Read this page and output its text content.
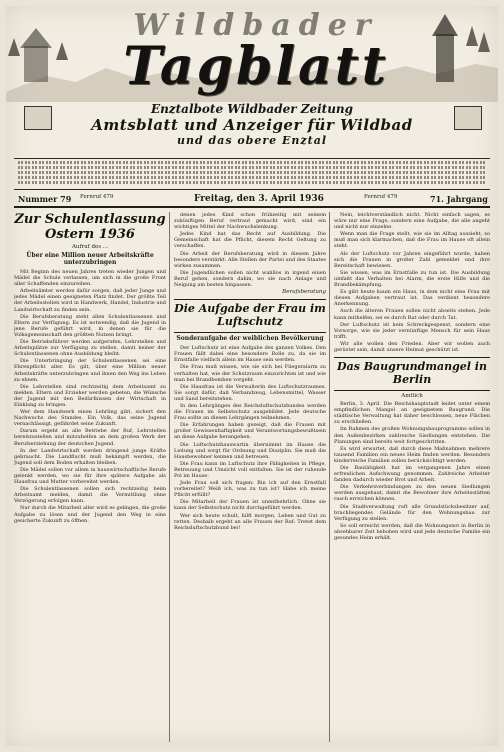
Wildbader
Tagblatt
Enztalbote Wildbader Zeitung
Amtsblatt und Anzeiger für Wildbad
und das obere Enztal
Nummer 79 Fernruf 479	Freitag, den 3. April 1936	Fernruf 479	71. Jahrgang
Zur Schulentlassung Ostern 1936
Aufruf des ...
Über eine Million neuer Arbeitskräfte unterzubringen

Mit Beginn des neuen Jahres treten wieder Jungen und Mädel die Schule verlassen, um sich in die große Front aller Schaffenden einzureihen.

Arbeitsämter werden dafür sorgen, daß jeder Junge und jedes Mädel einen geeigneten Platz findet. Der größte Teil der Arbeitsstellen wird in Handwerk, Handel, Industrie und Landwirtschaft zu finden sein.

Die Berufsberatung steht allen Schulentlassenen und Eltern zur Verfügung. Es ist notwendig, daß die Jugend in jene Berufe geführt wird, in denen sie für die Volksgemeinschaft den größten Nutzen bringt.

Die Betriebsführer werden aufgerufen, Lehrstellen und Arbeitsplätze zur Verfügung zu stellen, damit keiner der Schulentlassenen ohne Ausbildung bleibt.

Die Unterbringung der Schulentlassenen sei eine Ehrenpflicht aller. Es gilt, über eine Million neuer Arbeitskräfte unterzubringen und ihnen den Weg ins Leben zu ebnen.

Die Lehrstellen sind rechtzeitig dem Arbeitsamt zu melden. Eltern und Erzieher werden gebeten, die Wünsche der Jugend mit den Bedürfnissen der Wirtschaft in Einklang zu bringen.

Wer dem Handwerk einen Lehrling gibt, sichert den Nachwuchs des Standes. Ein Volk, das seine Jugend vernachlässigt, gefährdet seine Zukunft.

Darum ergeht an alle Betriebe der Ruf, Lehrstellen bereitzustellen und mitzuhelfen an dem großen Werk der Berufserziehung der deutschen Jugend.

In der Landwirtschaft werden dringend junge Kräfte gebraucht. Die Landflucht muß bekämpft werden, die Jugend soll dem Boden erhalten bleiben.

Die Mädel sollen vor allem in hauswirtschaftliche Berufe gelenkt werden, wo sie für ihre spätere Aufgabe als Hausfrau und Mutter vorbereitet werden.

Die Schulentlassenen sollen sich rechtzeitig beim Arbeitsamt melden, damit die Vermittlung ohne Verzögerung erfolgen kann.

Nur durch die Mitarbeit aller wird es gelingen, die große Aufgabe zu lösen und der Jugend den Weg in eine gesicherte Zukunft zu öffnen.

denen jedes Kind schon frühzeitig mit seinem zukünftigen Beruf vertraut gemacht wird, sind ein wichtiges Mittel der Nachwuchslenkung.

Jedes Kind hat das Recht auf Ausbildung. Die Gemeinschaft hat die Pflicht, diesem Recht Geltung zu verschaffen.

Die Arbeit der Berufsberatung wird in diesem Jahre besonders verstärkt. Alle Stellen der Partei und des Staates wirken zusammen.

Die Jugendlichen sollen nicht wahllos in irgend einen Beruf gehen, sondern dahin, wo sie nach Anlage und Neigung am besten hinpassen.

Berufsberatung
Die Aufgabe der Frau im Luftschutz
Sonderaufgabe der weiblichen Bevölkerung

Der Luftschutz ist eine Aufgabe des ganzen Volkes. Den Frauen fällt dabei eine besondere Rolle zu, da sie im Ernstfalle vielfach allein im Hause sein werden.

Die Frau muß wissen, wie sie sich bei Fliegeralarm zu verhalten hat, wie der Schutzraum einzurichten ist und wie man bei Brandbomben vorgeht.

Die Hausfrau ist die Verwalterin des Luftschutzraumes. Sie sorgt dafür, daß Verbandzeug, Lebensmittel, Wasser und Sand bereitstehen.

In den Lehrgängen des Reichsluftschutzbundes werden die Frauen im Selbstschutz ausgebildet. Jede deutsche Frau sollte an diesen Lehrgängen teilnehmen.

Die Erfahrungen haben gezeigt, daß die Frauen mit großer Gewissenhaftigkeit und Verantwortungsbewußtsein an diese Aufgabe herangehen.

Die Luftschutzhauswartin übernimmt im Hause die Leitung und sorgt für Ordnung und Disziplin. Sie muß die Hausbewohner kennen und betreuen.

Die Frau kann im Luftschutz ihre Fähigkeiten in Pflege, Betreuung und Umsicht voll entfalten. Sie ist der ruhende Pol im Hause.

Jede Frau soll sich fragen: Bin ich auf den Ernstfall vorbereitet? Weiß ich, was zu tun ist? Habe ich meine Pflicht erfüllt?

Die Mitarbeit der Frauen ist unentbehrlich. Ohne sie kann der Selbstschutz nicht durchgeführt werden.

Wer sich heute schult, hilft morgen, Leben und Gut zu retten. Deshalb ergeht an alle Frauen der Ruf: Tretet dem Reichsluftschutzbund bei!

Nein, leichtverständlich nicht. Nicht einfach sagen, es wäre nur eine Frage, sondern eine Aufgabe, die alle angeht und nicht nur einzelne.

Wenn man die Frage stellt, wie sie im Alltag aussieht, so muß man sich klarmachen, daß die Frau im Hause oft allein steht.

Als der Luftschutz vor Jahren eingeführt wurde, haben sich die Frauen in großer Zahl gemeldet und ihre Bereitschaft bewiesen.

Sie wissen, was im Ernstfalle zu tun ist. Die Ausbildung umfaßt das Verhalten bei Alarm, die erste Hilfe und die Brandbekämpfung.

Es gibt heute kaum ein Haus, in dem nicht eine Frau mit diesen Aufgaben vertraut ist. Das verdient besondere Anerkennung.

Auch die älteren Frauen sollen nicht abseits stehen. Jede kann mithelfen, sei es durch Rat oder durch Tat.

Der Luftschutz ist kein Schreckgespenst, sondern eine Vorsorge, wie sie jeder vernünftige Mensch für sein Haus trifft.

Wir alle wollen den Frieden. Aber wir wollen auch gerüstet sein, damit unsere Heimat geschützt ist.

Das Baugrundmangel in Berlin
Amtlich

Berlin, 3. April. Die Reichshauptstadt leidet unter einem empfindlichen Mangel an geeignetem Baugrund. Die städtische Verwaltung hat daher beschlossen, neue Flächen zu erschließen.

Im Rahmen des großen Wohnungsbauprogramms sollen in den Außenbezirken zahlreiche Siedlungen entstehen. Die Planungen sind bereits weit fortgeschritten.

Es wird erwartet, daß durch diese Maßnahmen mehrere tausend Familien ein neues Heim finden werden. Besonders kinderreiche Familien sollen berücksichtigt werden.

Die Bautätigkeit hat im vergangenen Jahre einen erfreulichen Aufschwung genommen. Zahlreiche Arbeiter fanden dadurch wieder Brot und Arbeit.

Die Verkehrsverbindungen zu den neuen Siedlungen werden ausgebaut, damit die Bewohner ihre Arbeitsstätten rasch erreichen können.

Die Stadtverwaltung ruft alle Grundstücksbesitzer auf, brachliegendes Gelände für den Wohnungsbau zur Verfügung zu stellen.

So soll erreicht werden, daß die Wohnungsnot in Berlin in absehbarer Zeit behoben wird und jede deutsche Familie ein gesundes Heim erhält.
